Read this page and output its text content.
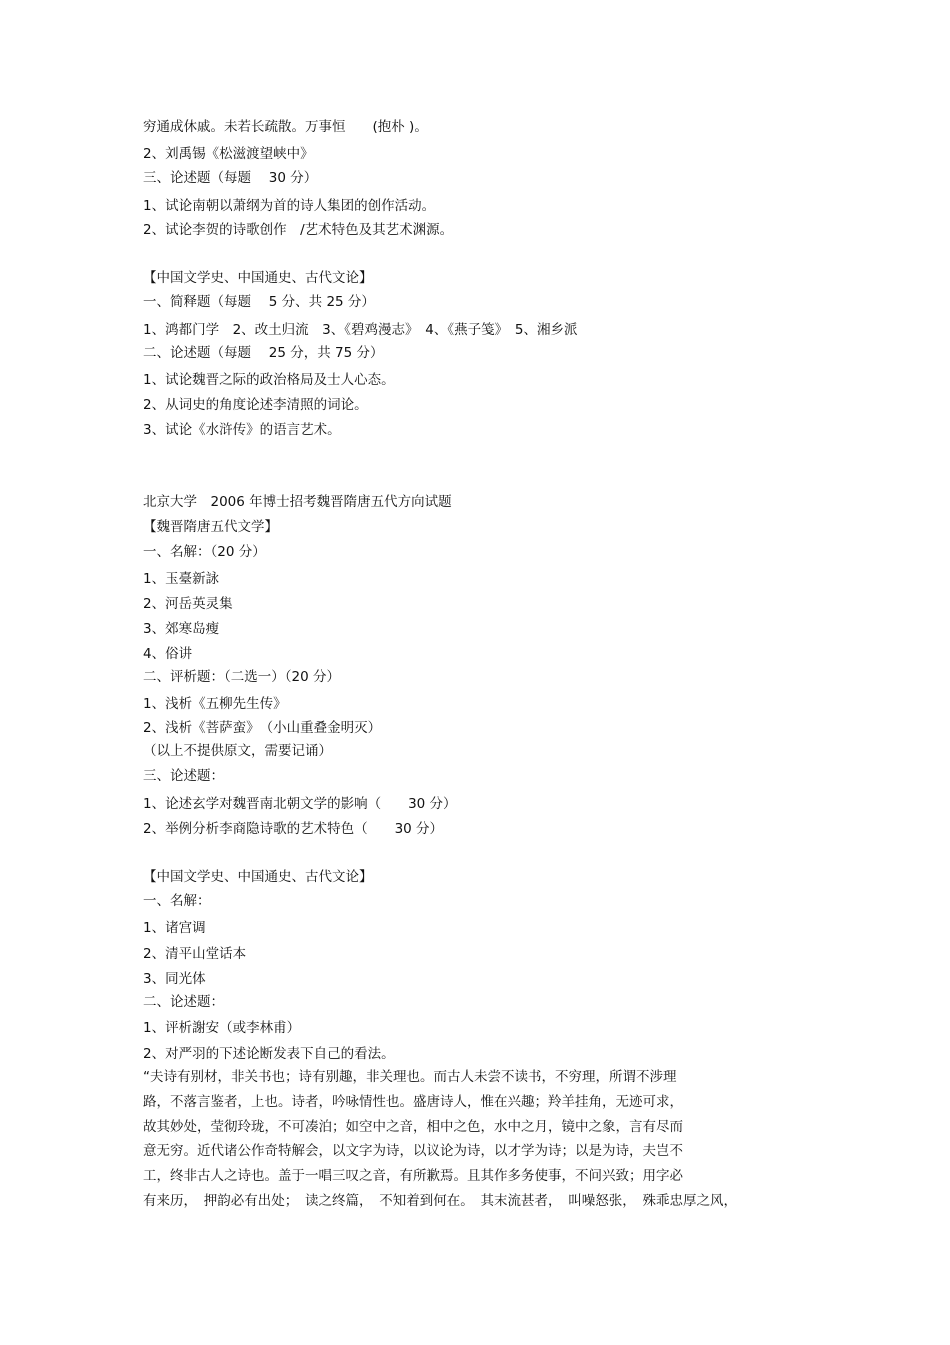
穷通成休戚。未若长疏散。万事恒　　(抱朴 )。
2、刘禹锡《松滋渡望峡中》
三、论述题（每题　 30 分）
1、试论南朝以萧纲为首的诗人集团的创作活动。
2、试论李贺的诗歌创作　/艺术特色及其艺术渊源。
【中国文学史、中国通史、古代文论】
一、简释题（每题　 5 分、共 25 分）
1、鸿都门学　2、改土归流　3、《碧鸡漫志》　4、《燕子笺》　5、湘乡派
二、论述题（每题　 25 分，共 75 分）
1、试论魏晋之际的政治格局及士人心态。
2、从词史的角度论述李清照的词论。
3、试论《水浒传》的语言艺术。
北京大学　2006 年博士招考魏晋隋唐五代方向试题
【魏晋隋唐五代文学】
一、名解：（20 分）
1、玉臺新詠
2、河岳英灵集
3、郊寒岛瘦
4、俗讲
二、评析题：（二选一）（20 分）
1、浅析《五柳先生传》
2、浅析《菩萨蛮》　（小山重叠金明灭）
（以上不提供原文，需要记诵）
三、论述题：
1、论述玄学对魏晋南北朝文学的影响（　　30 分）
2、举例分析李商隐诗歌的艺术特色（　　30 分）
【中国文学史、中国通史、古代文论】
一、名解：
1、诸宫调
2、清平山堂话本
3、同光体
二、论述题：
1、评析謝安（或李林甫）
2、对严羽的下述论断发表下自己的看法。
“夫诗有别材，非关书也；诗有别趣，非关理也。而古人未尝不读书，不穷理，所谓不涉理
路，不落言鉴者，上也。诗者，吟咏情性也。盛唐诗人，惟在兴趣；羚羊挂角，无迹可求，
故其妙处，莹彻玲珑，不可凑泊；如空中之音，相中之色，水中之月，镜中之象，言有尽而
意无穷。近代诸公作奇特解会，以文字为诗，以议论为诗，以才学为诗；以是为诗，夫岂不
工，终非古人之诗也。盖于一唱三叹之音，有所歉焉。且其作多务使事，不问兴致；用字必
有来历，　押韵必有出处；　读之终篇，　不知着到何在。　其末流甚者，　叫噪怒张，　殊乖忠厚之风，
